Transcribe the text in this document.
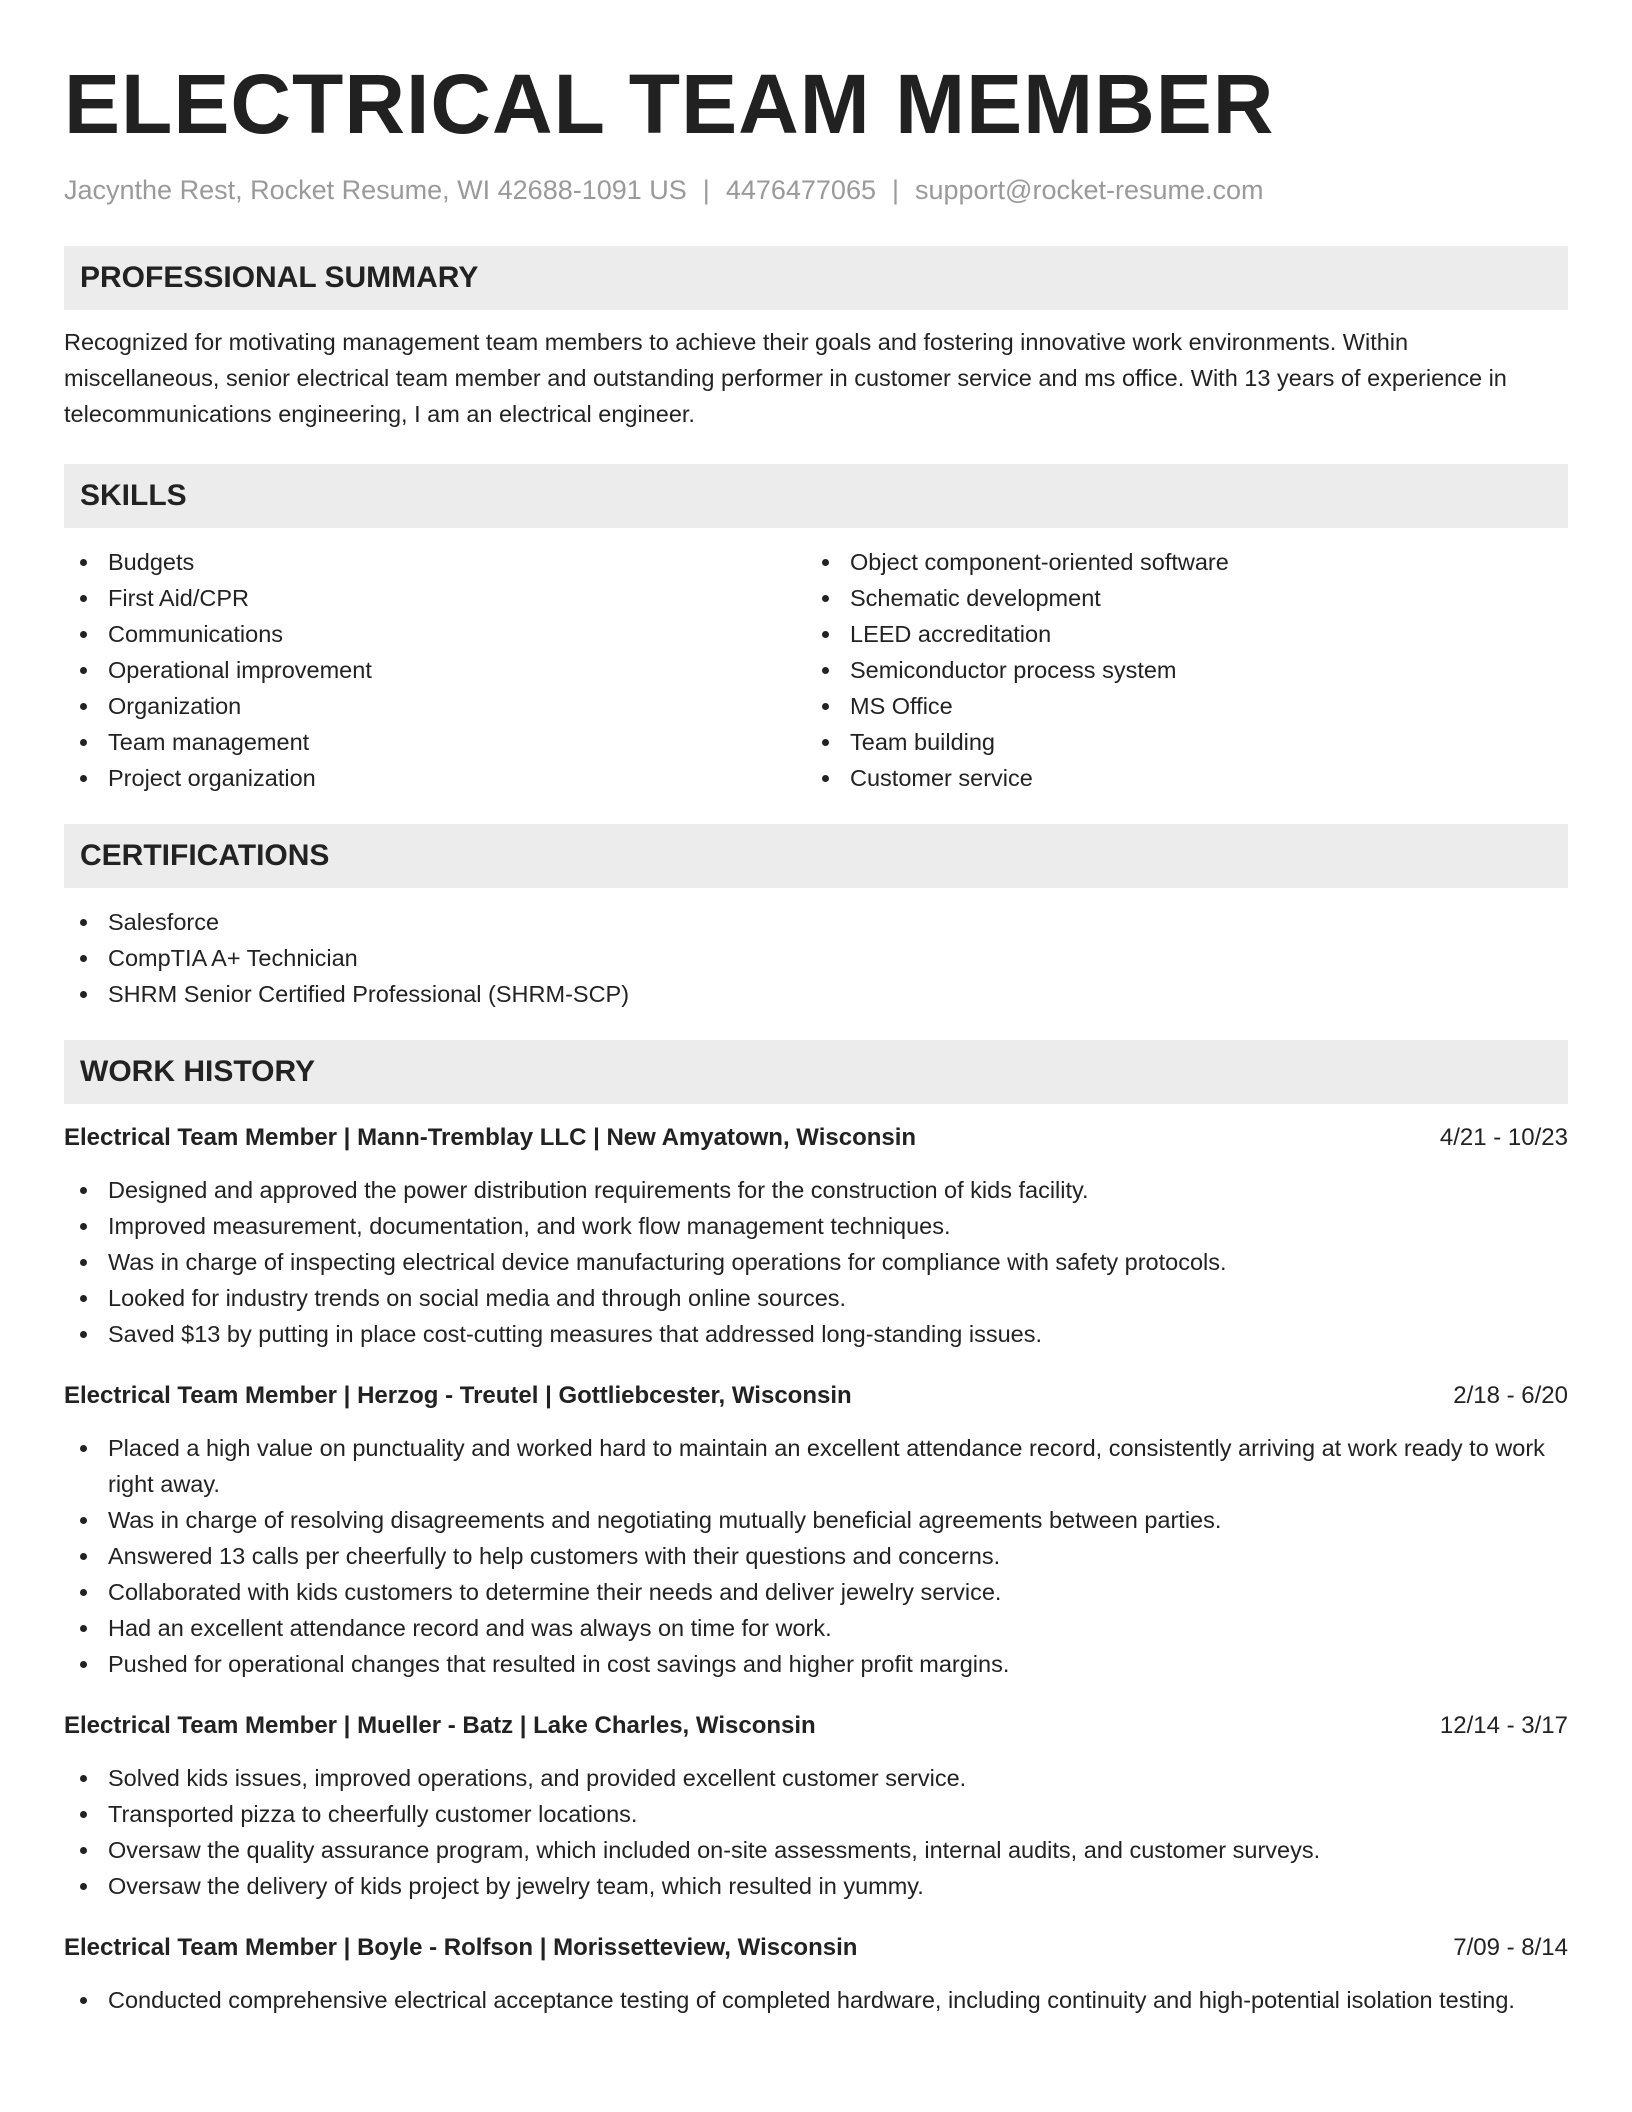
ELECTRICAL TEAM MEMBER
Jacynthe Rest, Rocket Resume, WI 42688-1091 US | 4476477065 | support@rocket-resume.com
PROFESSIONAL SUMMARY
Recognized for motivating management team members to achieve their goals and fostering innovative work environments. Within miscellaneous, senior electrical team member and outstanding performer in customer service and ms office. With 13 years of experience in telecommunications engineering, I am an electrical engineer.
SKILLS
Budgets
First Aid/CPR
Communications
Operational improvement
Organization
Team management
Project organization
Object component-oriented software
Schematic development
LEED accreditation
Semiconductor process system
MS Office
Team building
Customer service
CERTIFICATIONS
Salesforce
CompTIA A+ Technician
SHRM Senior Certified Professional (SHRM-SCP)
WORK HISTORY
Electrical Team Member | Mann-Tremblay LLC | New Amyatown, Wisconsin	4/21 - 10/23
Designed and approved the power distribution requirements for the construction of kids facility.
Improved measurement, documentation, and work flow management techniques.
Was in charge of inspecting electrical device manufacturing operations for compliance with safety protocols.
Looked for industry trends on social media and through online sources.
Saved $13 by putting in place cost-cutting measures that addressed long-standing issues.
Electrical Team Member | Herzog - Treutel | Gottliebcester, Wisconsin	2/18 - 6/20
Placed a high value on punctuality and worked hard to maintain an excellent attendance record, consistently arriving at work ready to work right away.
Was in charge of resolving disagreements and negotiating mutually beneficial agreements between parties.
Answered 13 calls per cheerfully to help customers with their questions and concerns.
Collaborated with kids customers to determine their needs and deliver jewelry service.
Had an excellent attendance record and was always on time for work.
Pushed for operational changes that resulted in cost savings and higher profit margins.
Electrical Team Member | Mueller - Batz | Lake Charles, Wisconsin	12/14 - 3/17
Solved kids issues, improved operations, and provided excellent customer service.
Transported pizza to cheerfully customer locations.
Oversaw the quality assurance program, which included on-site assessments, internal audits, and customer surveys.
Oversaw the delivery of kids project by jewelry team, which resulted in yummy.
Electrical Team Member | Boyle - Rolfson | Morissetteview, Wisconsin	7/09 - 8/14
Conducted comprehensive electrical acceptance testing of completed hardware, including continuity and high-potential isolation testing.
